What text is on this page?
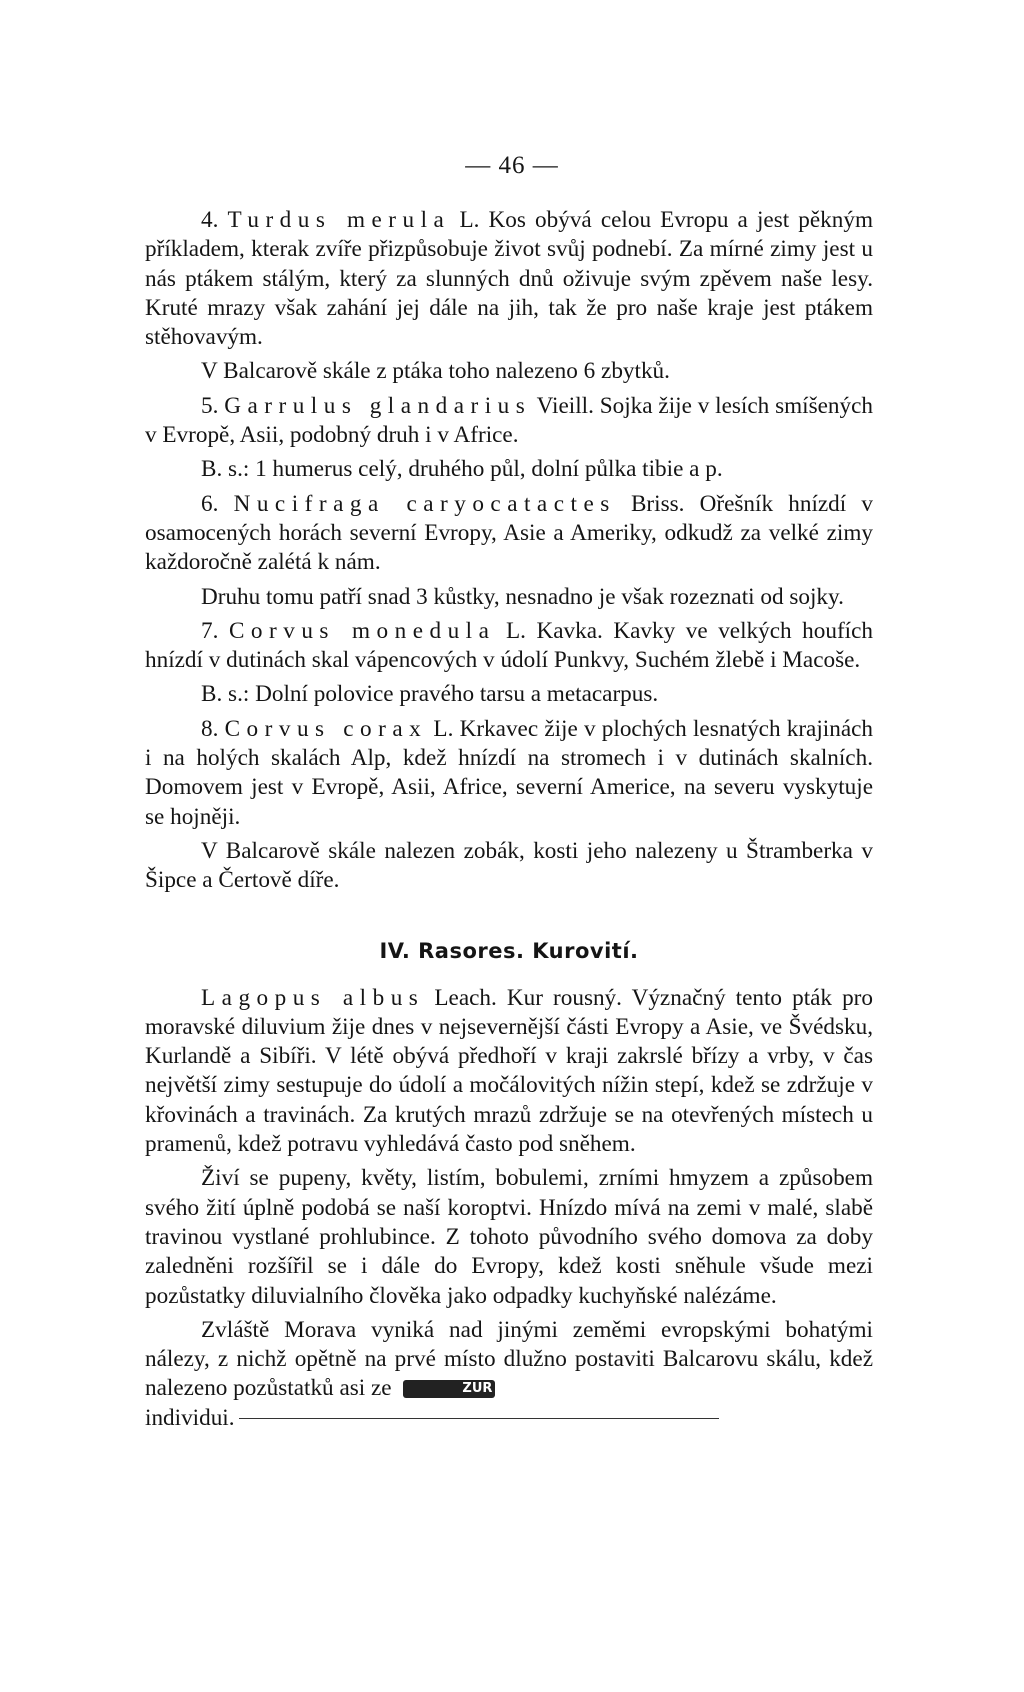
— 46 —

4. Turdus merula L. Kos obývá celou Evropu a jest pěkným příkladem, kterak zvíře přizpůsobuje život svůj podnebí. Za mírné zimy jest u nás ptákem stálým, který za slunných dnů oživuje svým zpěvem naše lesy. Kruté mrazy však zahání jej dále na jih, tak že pro naše kraje jest ptákem stěhovavým.

V Balcarově skále z ptáka toho nalezeno 6 zbytků.

5. Garrulus glandarius Vieill. Sojka žije v lesích smíšených v Evropě, Asii, podobný druh i v Africe.

B. s.: 1 humerus celý, druhého půl, dolní půlka tibie a p.

6. Nucifraga caryocatactes Briss. Ořešník hnízdí v osamocených horách severní Evropy, Asie a Ameriky, odkudž za velké zimy každoročně zalétá k nám.

Druhu tomu patří snad 3 kůstky, nesnadno je však rozeznati od sojky.

7. Corvus monedula L. Kavka. Kavky ve velkých houfích hnízdí v dutinách skal vápencových v údolí Punkvy, Suchém žlebě i Macoše.

B. s.: Dolní polovice pravého tarsu a metacarpus.

8. Corvus corax L. Krkavec žije v plochých lesnatých krajinách i na holých skalách Alp, kdež hnízdí na stromech i v dutinách skalních. Domovem jest v Evropě, Asii, Africe, severní Americe, na severu vyskytuje se hojněji.

V Balcarově skále nalezen zobák, kosti jeho nalezeny u Štramberka v Šipce a Čertově díře.

IV. Rasores. Kurovití.

Lagopus albus Leach. Kur rousný. Význačný tento pták pro moravské diluvium žije dnes v nejsevernější části Evropy a Asie, ve Švédsku, Kurlandě a Sibíři. V létě obývá předhoří v kraji zakrslé břízy a vrby, v čas největší zimy sestupuje do údolí a močálovitých nížin stepí, kdež se zdržuje v křovinách a travinách. Za krutých mrazů zdržuje se na otevřených místech u pramenů, kdež potravu vyhledává často pod sněhem.

Živí se pupeny, květy, listím, bobulemi, zrními hmyzem a způsobem svého žití úplně podobá se naší koroptvi. Hnízdo mívá na zemi v malé, slabě travinou vystlané prohlubince. Z tohoto původního svého domova za doby zaledněni rozšířil se i dále do Evropy, kdež kosti sněhule všude mezi pozůstatky diluvialního člověka jako odpadky kuchyňské nalézáme.

Zvláště Morava vyniká nad jinými zeměmi evropskými bohatými nálezy, z nichž opětně na prvé místo dlužno postaviti Balcarovu skálu, kdež nalezeno pozůstatků asi ze	ZUR
individui.
